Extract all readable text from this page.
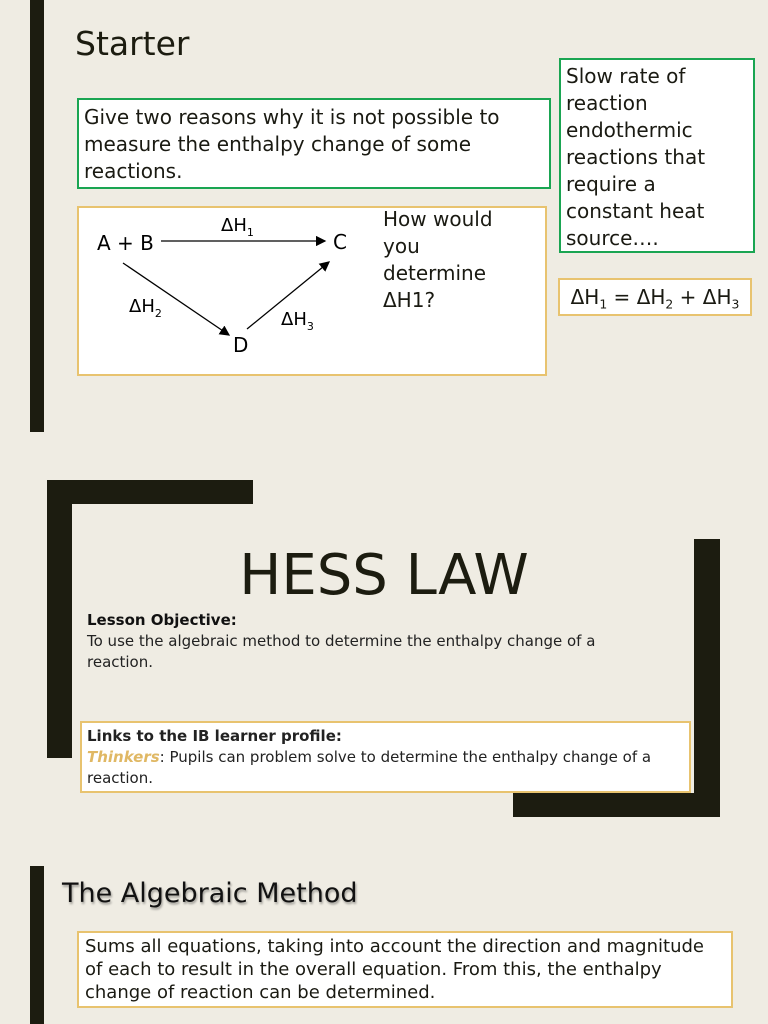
Starter
Give two reasons why it is not possible to measure the enthalpy change of some reactions.
Slow rate of reaction endothermic reactions that require a constant heat source….
A + B	C
D
$\Delta H_1$
$\Delta H_2$	$\Delta H_3$
How would you determine ΔH1?	$\Delta H_1 = \Delta H_2 + \Delta H_3$
HESS LAW
Lesson Objective:
To use the algebraic method to determine the enthalpy change of a reaction.
Links to the IB learner profile:
Thinkers: Pupils can problem solve to determine the enthalpy change of a reaction.
The Algebraic Method
Sums all equations, taking into account the direction and magnitude of each to result in the overall equation. From this, the enthalpy change of reaction can be determined.
